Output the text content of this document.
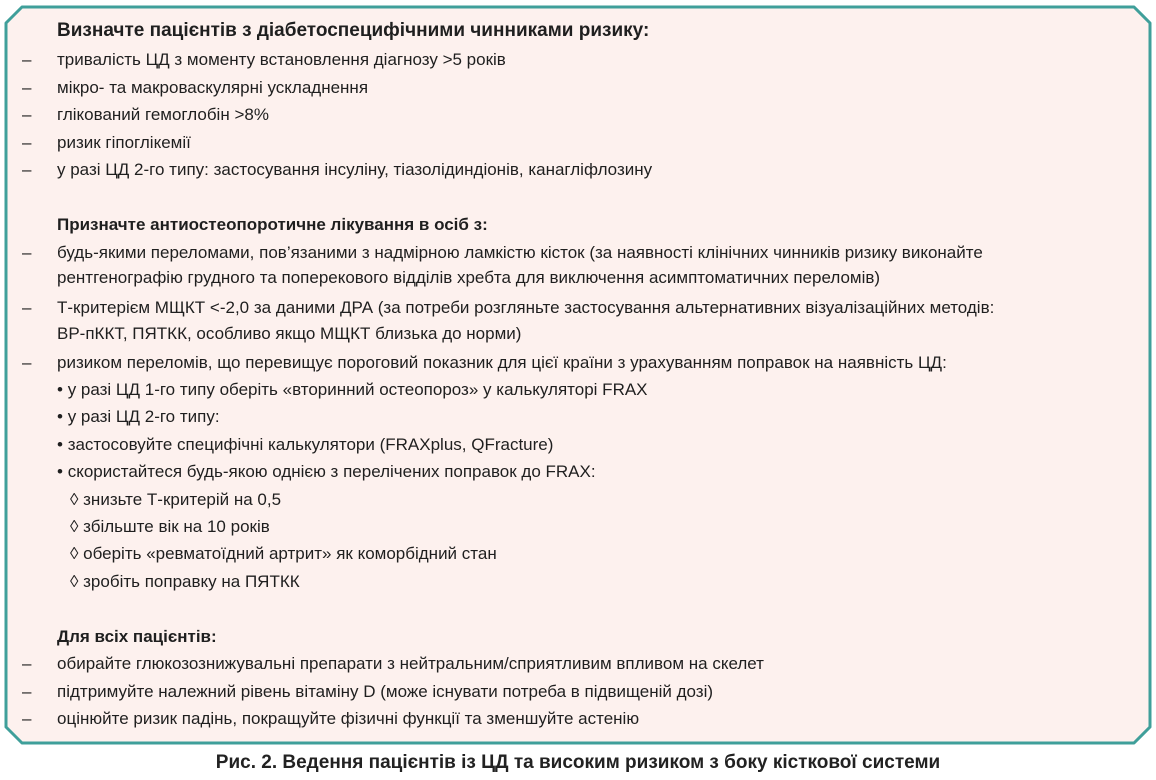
Визначте пацієнтів з діабетоспецифічними чинниками ризику:
– тривалість ЦД з моменту встановлення діагнозу >5 років
– мікро- та макроваскулярні ускладнення
– глікований гемоглобін >8%
– ризик гіпоглікемії
– у разі ЦД 2-го типу: застосування інсуліну, тіазолідиндіонів, канагліфлозину
Призначте антиостеопоротичне лікування в осіб з:
– будь-якими переломами, пов’язаними з надмірною ламкістю кісток (за наявності клінічних чинників ризику виконайте
рентгенографію грудного та поперекового відділів хребта для виключення асимптоматичних переломів)
– Т-критерієм МЩКТ <-2,0 за даними ДРА (за потреби розгляньте застосування альтернативних візуалізаційних методів:
ВР-пККТ, ПЯТКК, особливо якщо МЩКТ близька до норми)
– ризиком переломів, що перевищує пороговий показник для цієї країни з урахуванням поправок на наявність ЦД:
• у разі ЦД 1-го типу оберіть «вторинний остеопороз» у калькуляторі FRAX
• у разі ЦД 2-го типу:
• застосовуйте специфічні калькулятори (FRAXplus, QFracture)
• скористайтеся будь-якою однією з перелічених поправок до FRAX:
◊ знизьте Т-критерій на 0,5
◊ збільште вік на 10 років
◊ оберіть «ревматоїдний артрит» як коморбідний стан
◊ зробіть поправку на ПЯТКК
Для всіх пацієнтів:
– обирайте глюкозознижувальні препарати з нейтральним/сприятливим впливом на скелет
– підтримуйте належний рівень вітаміну D (може існувати потреба в підвищеній дозі)
– оцінюйте ризик падінь, покращуйте фізичні функції та зменшуйте астенію
Рис. 2. Ведення пацієнтів із ЦД та високим ризиком з боку кісткової системи
